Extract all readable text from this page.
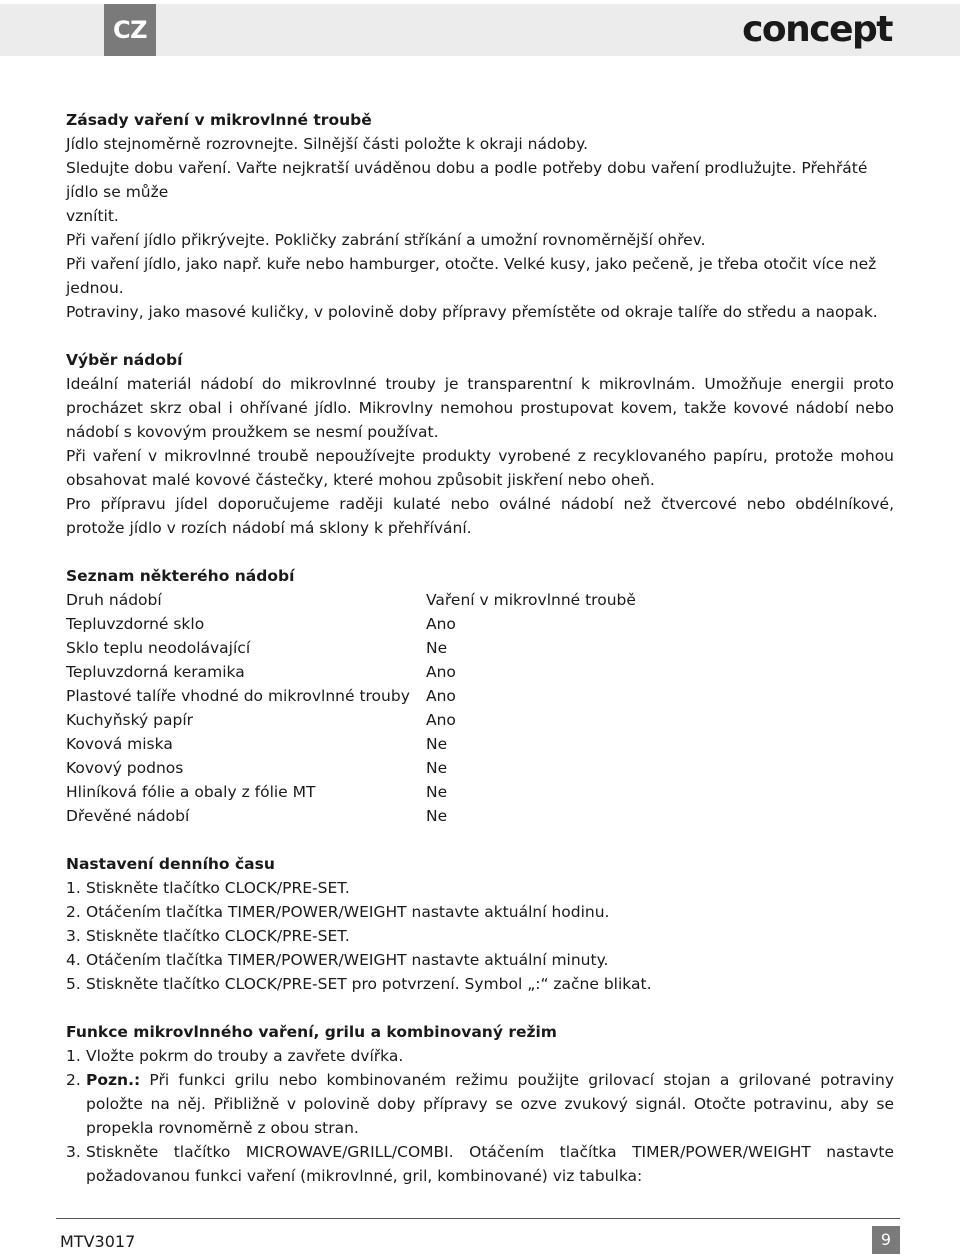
CZ	concept

Zásady vaření v mikrovlnné troubě

Jídlo stejnoměrně rozrovnejte. Silnější části položte k okraji nádoby.

Sledujte dobu vaření. Vařte nejkratší uváděnou dobu a podle potřeby dobu vaření prodlužujte. Přehřáté jídlo se může

vznítit.

Při vaření jídlo přikrývejte. Pokličky zabrání stříkání a umožní rovnoměrnější ohřev.

Při vaření jídlo, jako např. kuře nebo hamburger, otočte. Velké kusy, jako pečeně, je třeba otočit více než jednou.

Potraviny, jako masové kuličky, v polovině doby přípravy přemístěte od okraje talíře do středu a naopak.

Výběr nádobí

Ideální materiál nádobí do mikrovlnné trouby je transparentní k mikrovlnám. Umožňuje energii proto procházet skrz obal i ohřívané jídlo. Mikrovlny nemohou prostupovat kovem, takže kovové nádobí nebo nádobí s kovovým proužkem se nesmí používat.

Při vaření v mikrovlnné troubě nepoužívejte produkty vyrobené z recyklovaného papíru, protože mohou obsahovat malé kovové částečky, které mohou způsobit jiskření nebo oheň.

Pro přípravu jídel doporučujeme raději kulaté nebo oválné nádobí než čtvercové nebo obdélníkové, protože jídlo v rozích nádobí má sklony k přehřívání.

Seznam některého nádobí

Druh nádobí	Vaření v mikrovlnné troubě
Tepluvzdorné sklo	Ano
Sklo teplu neodolávající	Ne
Tepluvzdorná keramika	Ano
Plastové talíře vhodné do mikrovlnné trouby	Ano
Kuchyňský papír	Ano
Kovová miska	Ne
Kovový podnos	Ne
Hliníková fólie a obaly z fólie MT	Ne
Dřevěné nádobí	Ne

Nastavení denního času

1. Stiskněte tlačítko CLOCK/PRE-SET.
2. Otáčením tlačítka TIMER/POWER/WEIGHT nastavte aktuální hodinu.
3. Stiskněte tlačítko CLOCK/PRE-SET.
4. Otáčením tlačítka TIMER/POWER/WEIGHT nastavte aktuální minuty.
5. Stiskněte tlačítko CLOCK/PRE-SET pro potvrzení. Symbol „:“ začne blikat.

Funkce mikrovlnného vaření, grilu a kombinovaný režim

1. Vložte pokrm do trouby a zavřete dvířka.
2. Pozn.: Při funkci grilu nebo kombinovaném režimu použijte grilovací stojan a grilované potraviny položte na něj. Přibližně v polovině doby přípravy se ozve zvukový signál. Otočte potravinu, aby se propekla rovnoměrně z obou stran.
3. Stiskněte tlačítko MICROWAVE/GRILL/COMBI. Otáčením tlačítka TIMER/POWER/WEIGHT nastavte požadovanou funkci vaření (mikrovlnné, gril, kombinované) viz tabulka:
MTV3017	9
